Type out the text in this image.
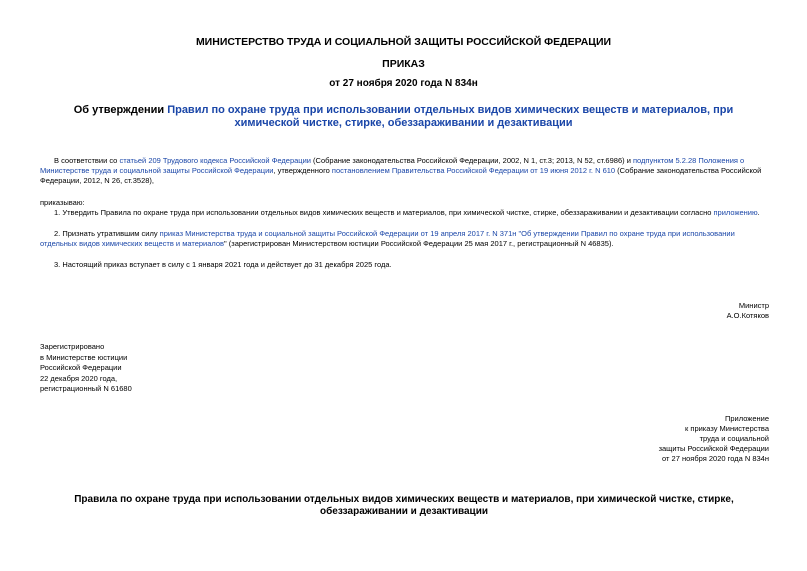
МИНИСТЕРСТВО ТРУДА И СОЦИАЛЬНОЙ ЗАЩИТЫ РОССИЙСКОЙ ФЕДЕРАЦИИ
ПРИКАЗ
от 27 ноября 2020 года N 834н
Об утверждении Правил по охране труда при использовании отдельных видов химических веществ и материалов, при химической чистке, стирке, обеззараживании и дезактивации
В соответствии со статьей 209 Трудового кодекса Российской Федерации (Собрание законодательства Российской Федерации, 2002, N 1, ст.3; 2013, N 52, ст.6986) и подпунктом 5.2.28 Положения о Министерстве труда и социальной защиты Российской Федерации, утвержденного постановлением Правительства Российской Федерации от 19 июня 2012 г. N 610 (Собрание законодательства Российской Федерации, 2012, N 26, ст.3528),
приказываю:
1. Утвердить Правила по охране труда при использовании отдельных видов химических веществ и материалов, при химической чистке, стирке, обеззараживании и дезактивации согласно приложению.
2. Признать утратившим силу приказ Министерства труда и социальной защиты Российской Федерации от 19 апреля 2017 г. N 371н "Об утверждении Правил по охране труда при использовании отдельных видов химических веществ и материалов" (зарегистрирован Министерством юстиции Российской Федерации 25 мая 2017 г., регистрационный N 46835).
3. Настоящий приказ вступает в силу с 1 января 2021 года и действует до 31 декабря 2025 года.
Министр
А.О.Котяков
Зарегистрировано
в Министерстве юстиции
Российской Федерации
22 декабря 2020 года,
регистрационный N 61680
Приложение
к приказу Министерства
труда и социальной
защиты Российской Федерации
от 27 ноября 2020 года N 834н
Правила по охране труда при использовании отдельных видов химических веществ и материалов, при химической чистке, стирке, обеззараживании и дезактивации
